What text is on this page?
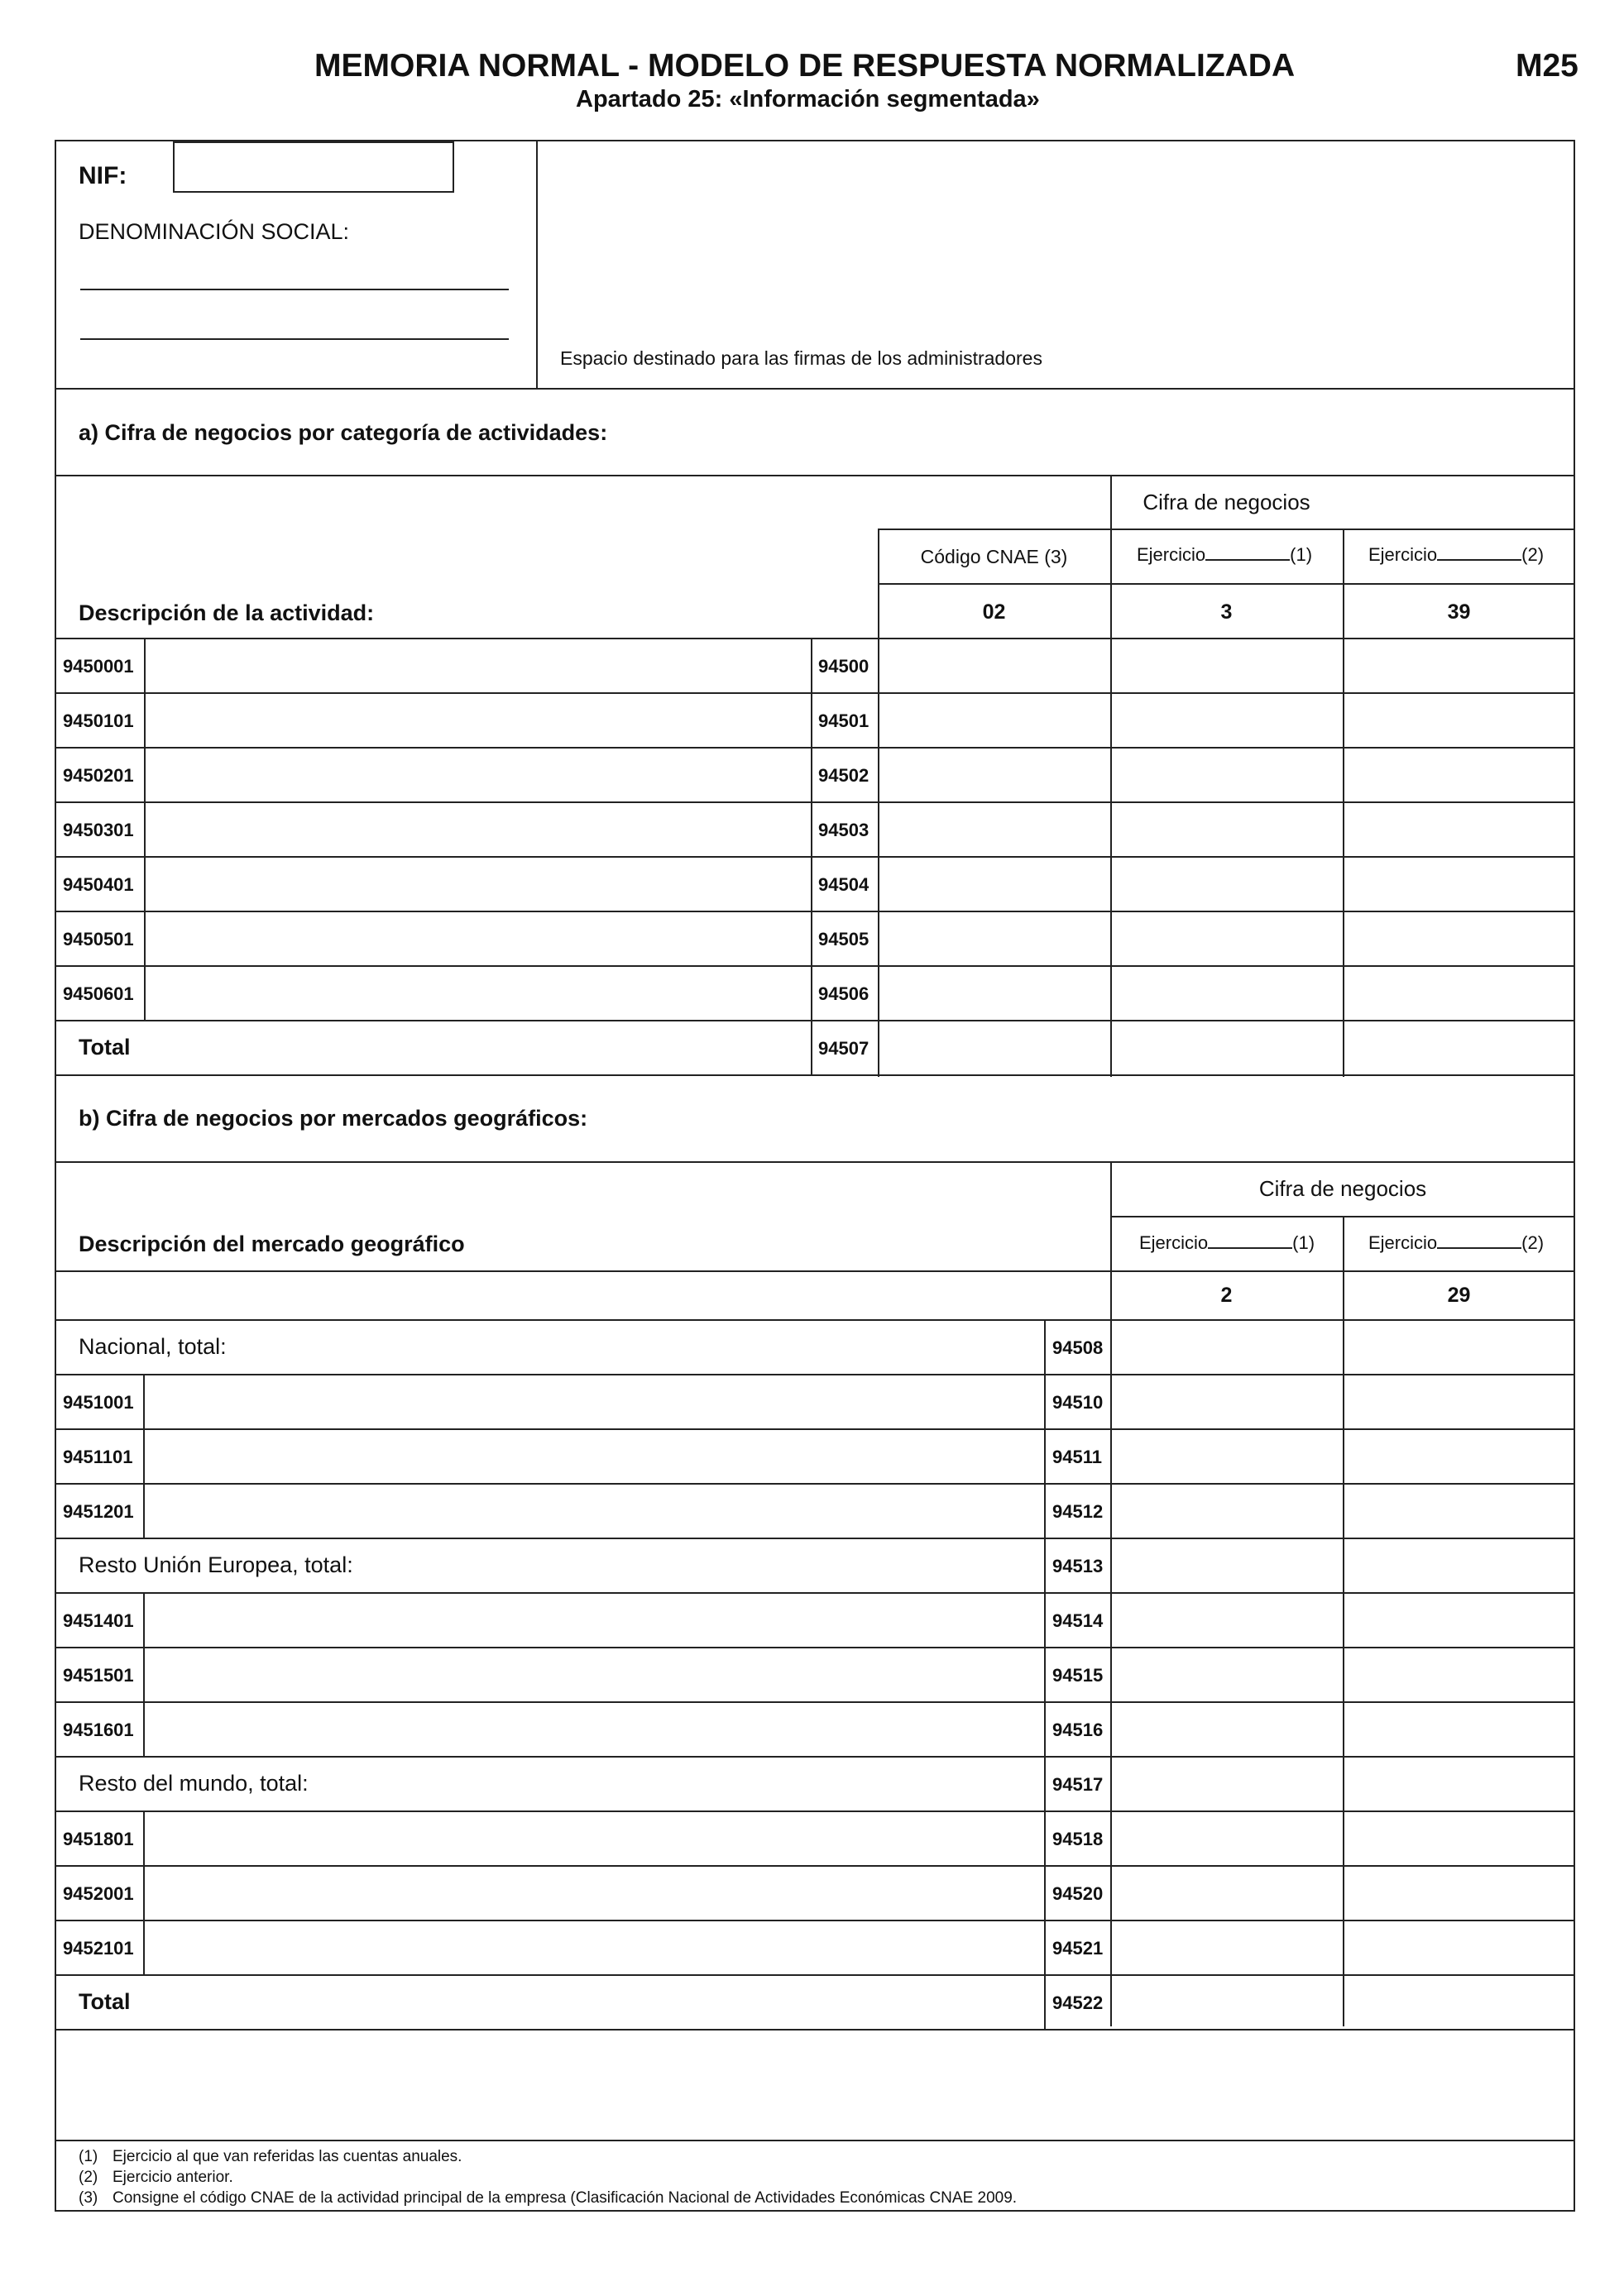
MEMORIA NORMAL - MODELO DE RESPUESTA NORMALIZADA	M25
Apartado 25: «Información segmentada»
NIF:
DENOMINACIÓN SOCIAL:
Espacio destinado para las firmas de los administradores
a) Cifra de negocios por categoría de actividades:
Cifra de negocios
Código CNAE (3)	Ejercicio	(1)	Ejercicio	(2)
Descripción de la actividad:	02	3	39
9450001	94500
9450101	94501
9450201	94502
9450301	94503
9450401	94504
9450501	94505
9450601	94506
Total	94507
b) Cifra de negocios por mercados geográficos:
Cifra de negocios
Descripción del mercado geográfico	Ejercicio	(1)	Ejercicio	(2)
2	29
Nacional, total:	94508
9451001	94510
9451101	94511
9451201	94512
Resto Unión Europea, total:	94513
9451401	94514
9451501	94515
9451601	94516
Resto del mundo, total:	94517
9451801	94518
9452001	94520
9452101	94521
Total	94522
(1) Ejercicio al que van referidas las cuentas anuales.
(2) Ejercicio anterior.
(3) Consigne el código CNAE de la actividad principal de la empresa (Clasificación Nacional de Actividades Económicas CNAE 2009.
